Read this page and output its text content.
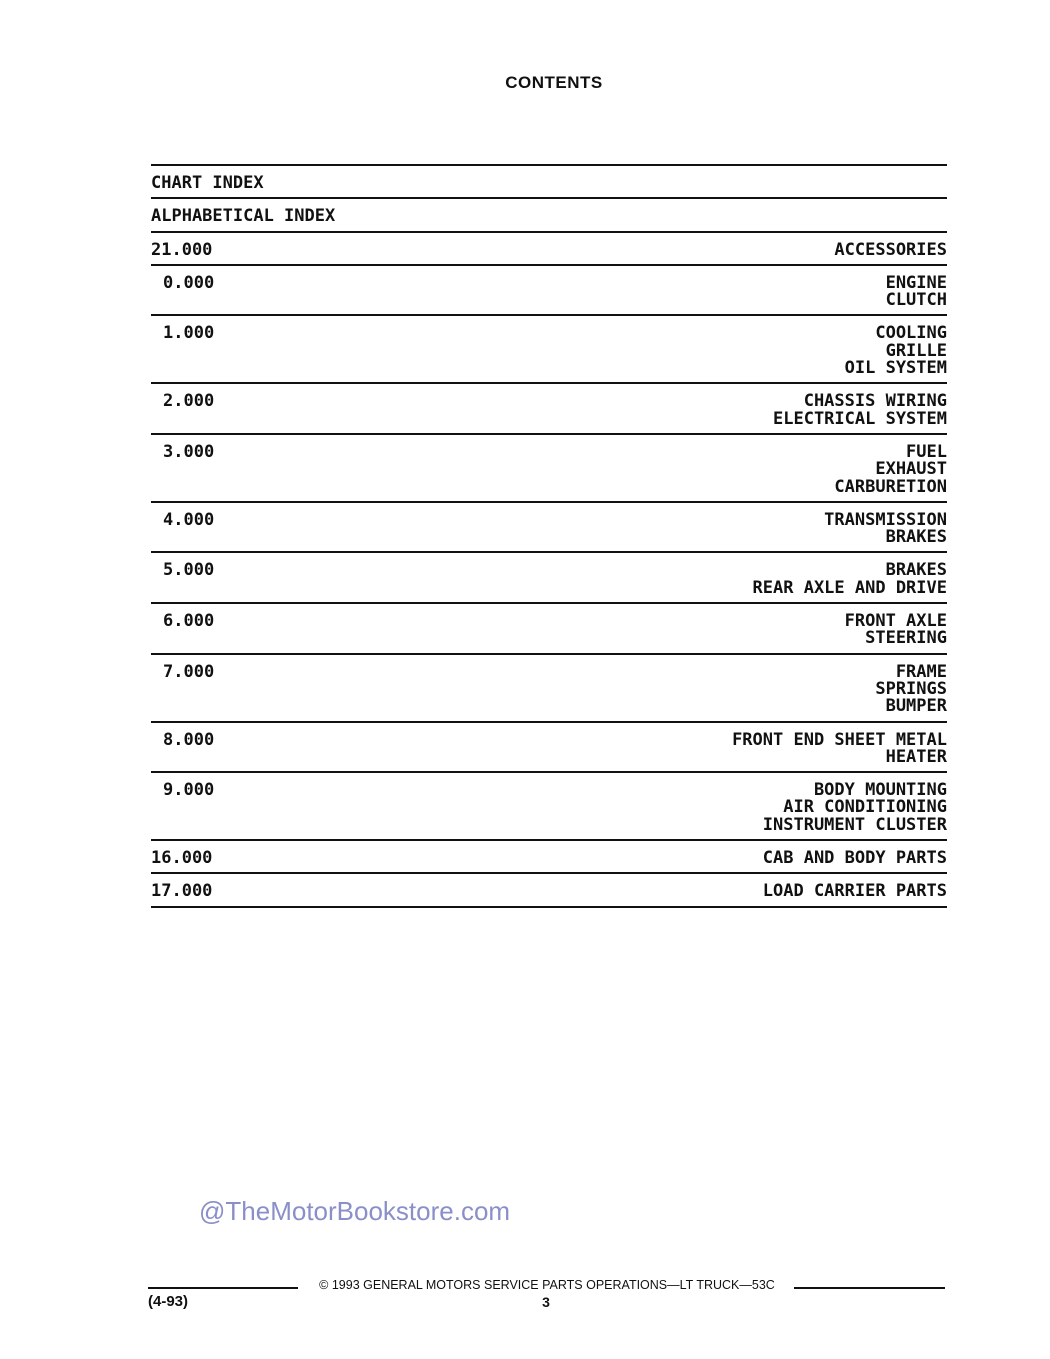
CONTENTS
CHART INDEX
ALPHABETICAL INDEX
21.000	ACCESSORIES
0.000	ENGINE
CLUTCH
1.000	COOLING
GRILLE
OIL SYSTEM
2.000	CHASSIS WIRING
ELECTRICAL SYSTEM
3.000	FUEL
EXHAUST
CARBURETION
4.000	TRANSMISSION
BRAKES
5.000	BRAKES
REAR AXLE AND DRIVE
6.000	FRONT AXLE
STEERING
7.000	FRAME
SPRINGS
BUMPER
8.000	FRONT END SHEET METAL
HEATER
9.000	BODY MOUNTING
AIR CONDITIONING
INSTRUMENT CLUSTER
16.000	CAB AND BODY PARTS
17.000	LOAD CARRIER PARTS
@TheMotorBookstore.com
© 1993 GENERAL MOTORS SERVICE PARTS OPERATIONS—LT TRUCK—53C
(4-93)	3
